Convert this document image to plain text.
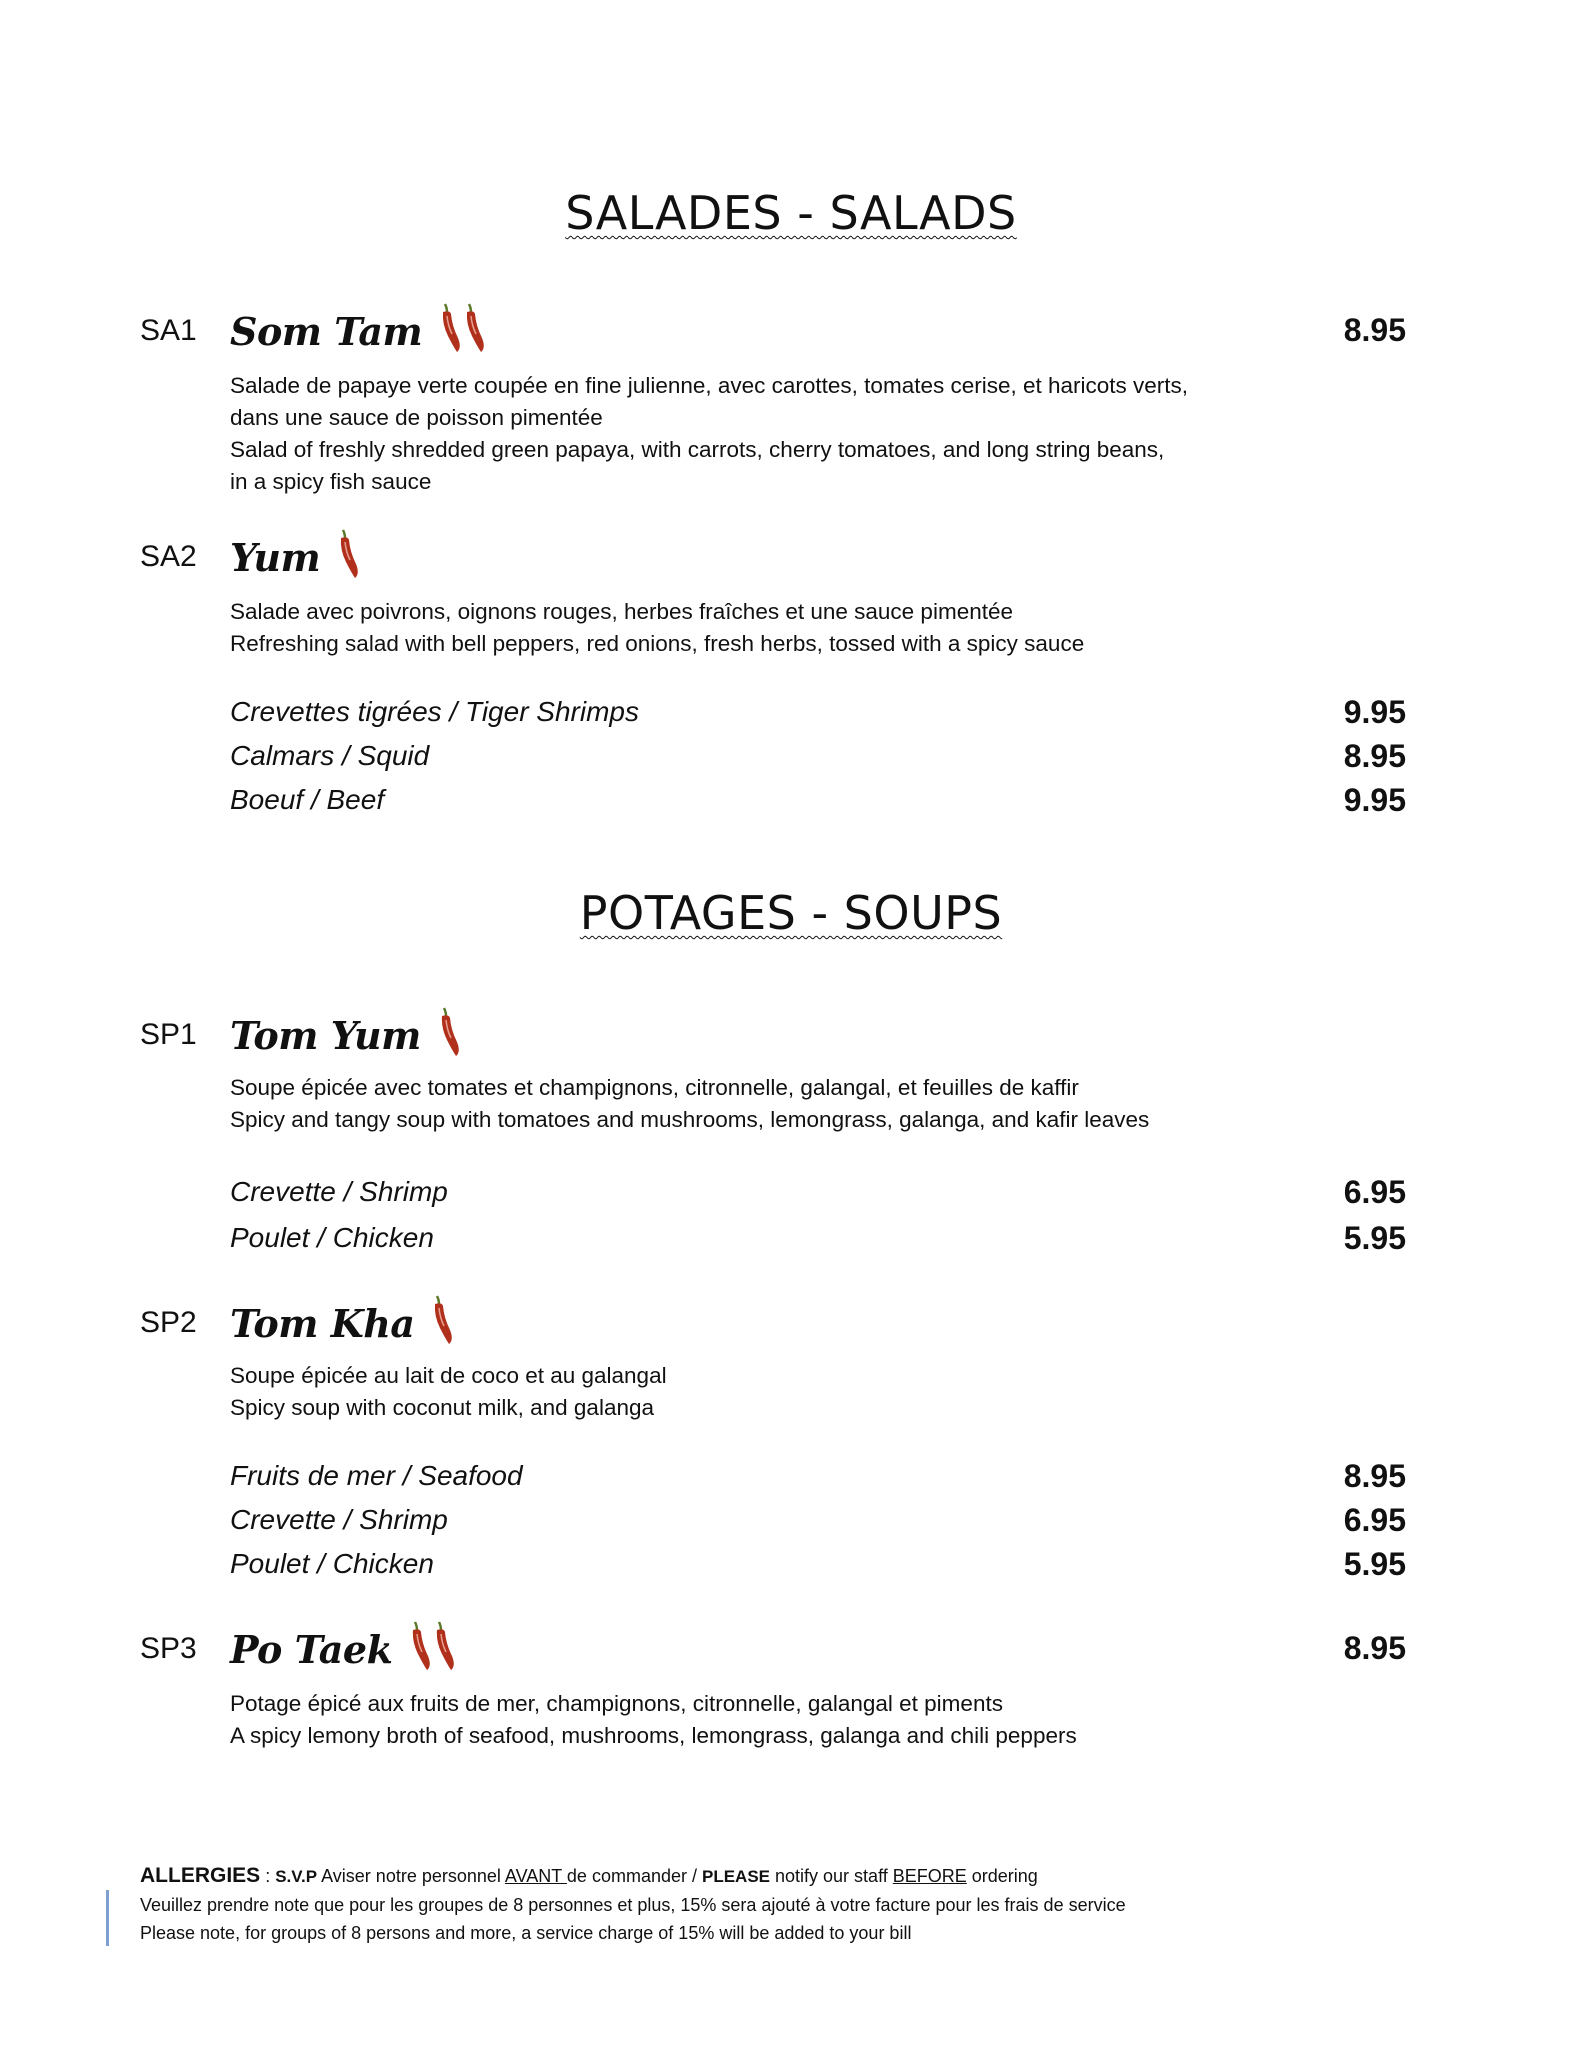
SALADES - SALADS
POTAGES - SOUPS
SA1 Som Tam	8.95
Salade de papaye verte coupée en fine julienne, avec carottes, tomates cerise, et haricots verts,
dans une sauce de poisson pimentée
Salad of freshly shredded green papaya, with carrots, cherry tomatoes, and long string beans,
in a spicy fish sauce
SA2 Yum
Salade avec poivrons, oignons rouges, herbes fraîches et une sauce pimentée
Refreshing salad with bell peppers, red onions, fresh herbs, tossed with a spicy sauce
Crevettes tigrées / Tiger Shrimps	9.95
Calmars / Squid	8.95
Boeuf / Beef	9.95
SP1 Tom Yum
Soupe épicée avec tomates et champignons, citronnelle, galangal, et feuilles de kaffir
Spicy and tangy soup with tomatoes and mushrooms, lemongrass, galanga, and kafir leaves
Crevette / Shrimp	6.95
Poulet / Chicken	5.95
SP2 Tom Kha
Soupe épicée au lait de coco et au galangal
Spicy soup with coconut milk, and galanga
Fruits de mer / Seafood	8.95
Crevette / Shrimp	6.95
Poulet / Chicken	5.95
SP3 Po Taek	8.95
Potage épicé aux fruits de mer, champignons, citronnelle, galangal et piments
A spicy lemony broth of seafood, mushrooms, lemongrass, galanga and chili peppers
ALLERGIES : S.V.P Aviser notre personnel AVANT de commander / PLEASE notify our staff BEFORE ordering
Veuillez prendre note que pour les groupes de 8 personnes et plus, 15% sera ajouté à votre facture pour les frais de service
Please note, for groups of 8 persons and more, a service charge of 15% will be added to your bill
